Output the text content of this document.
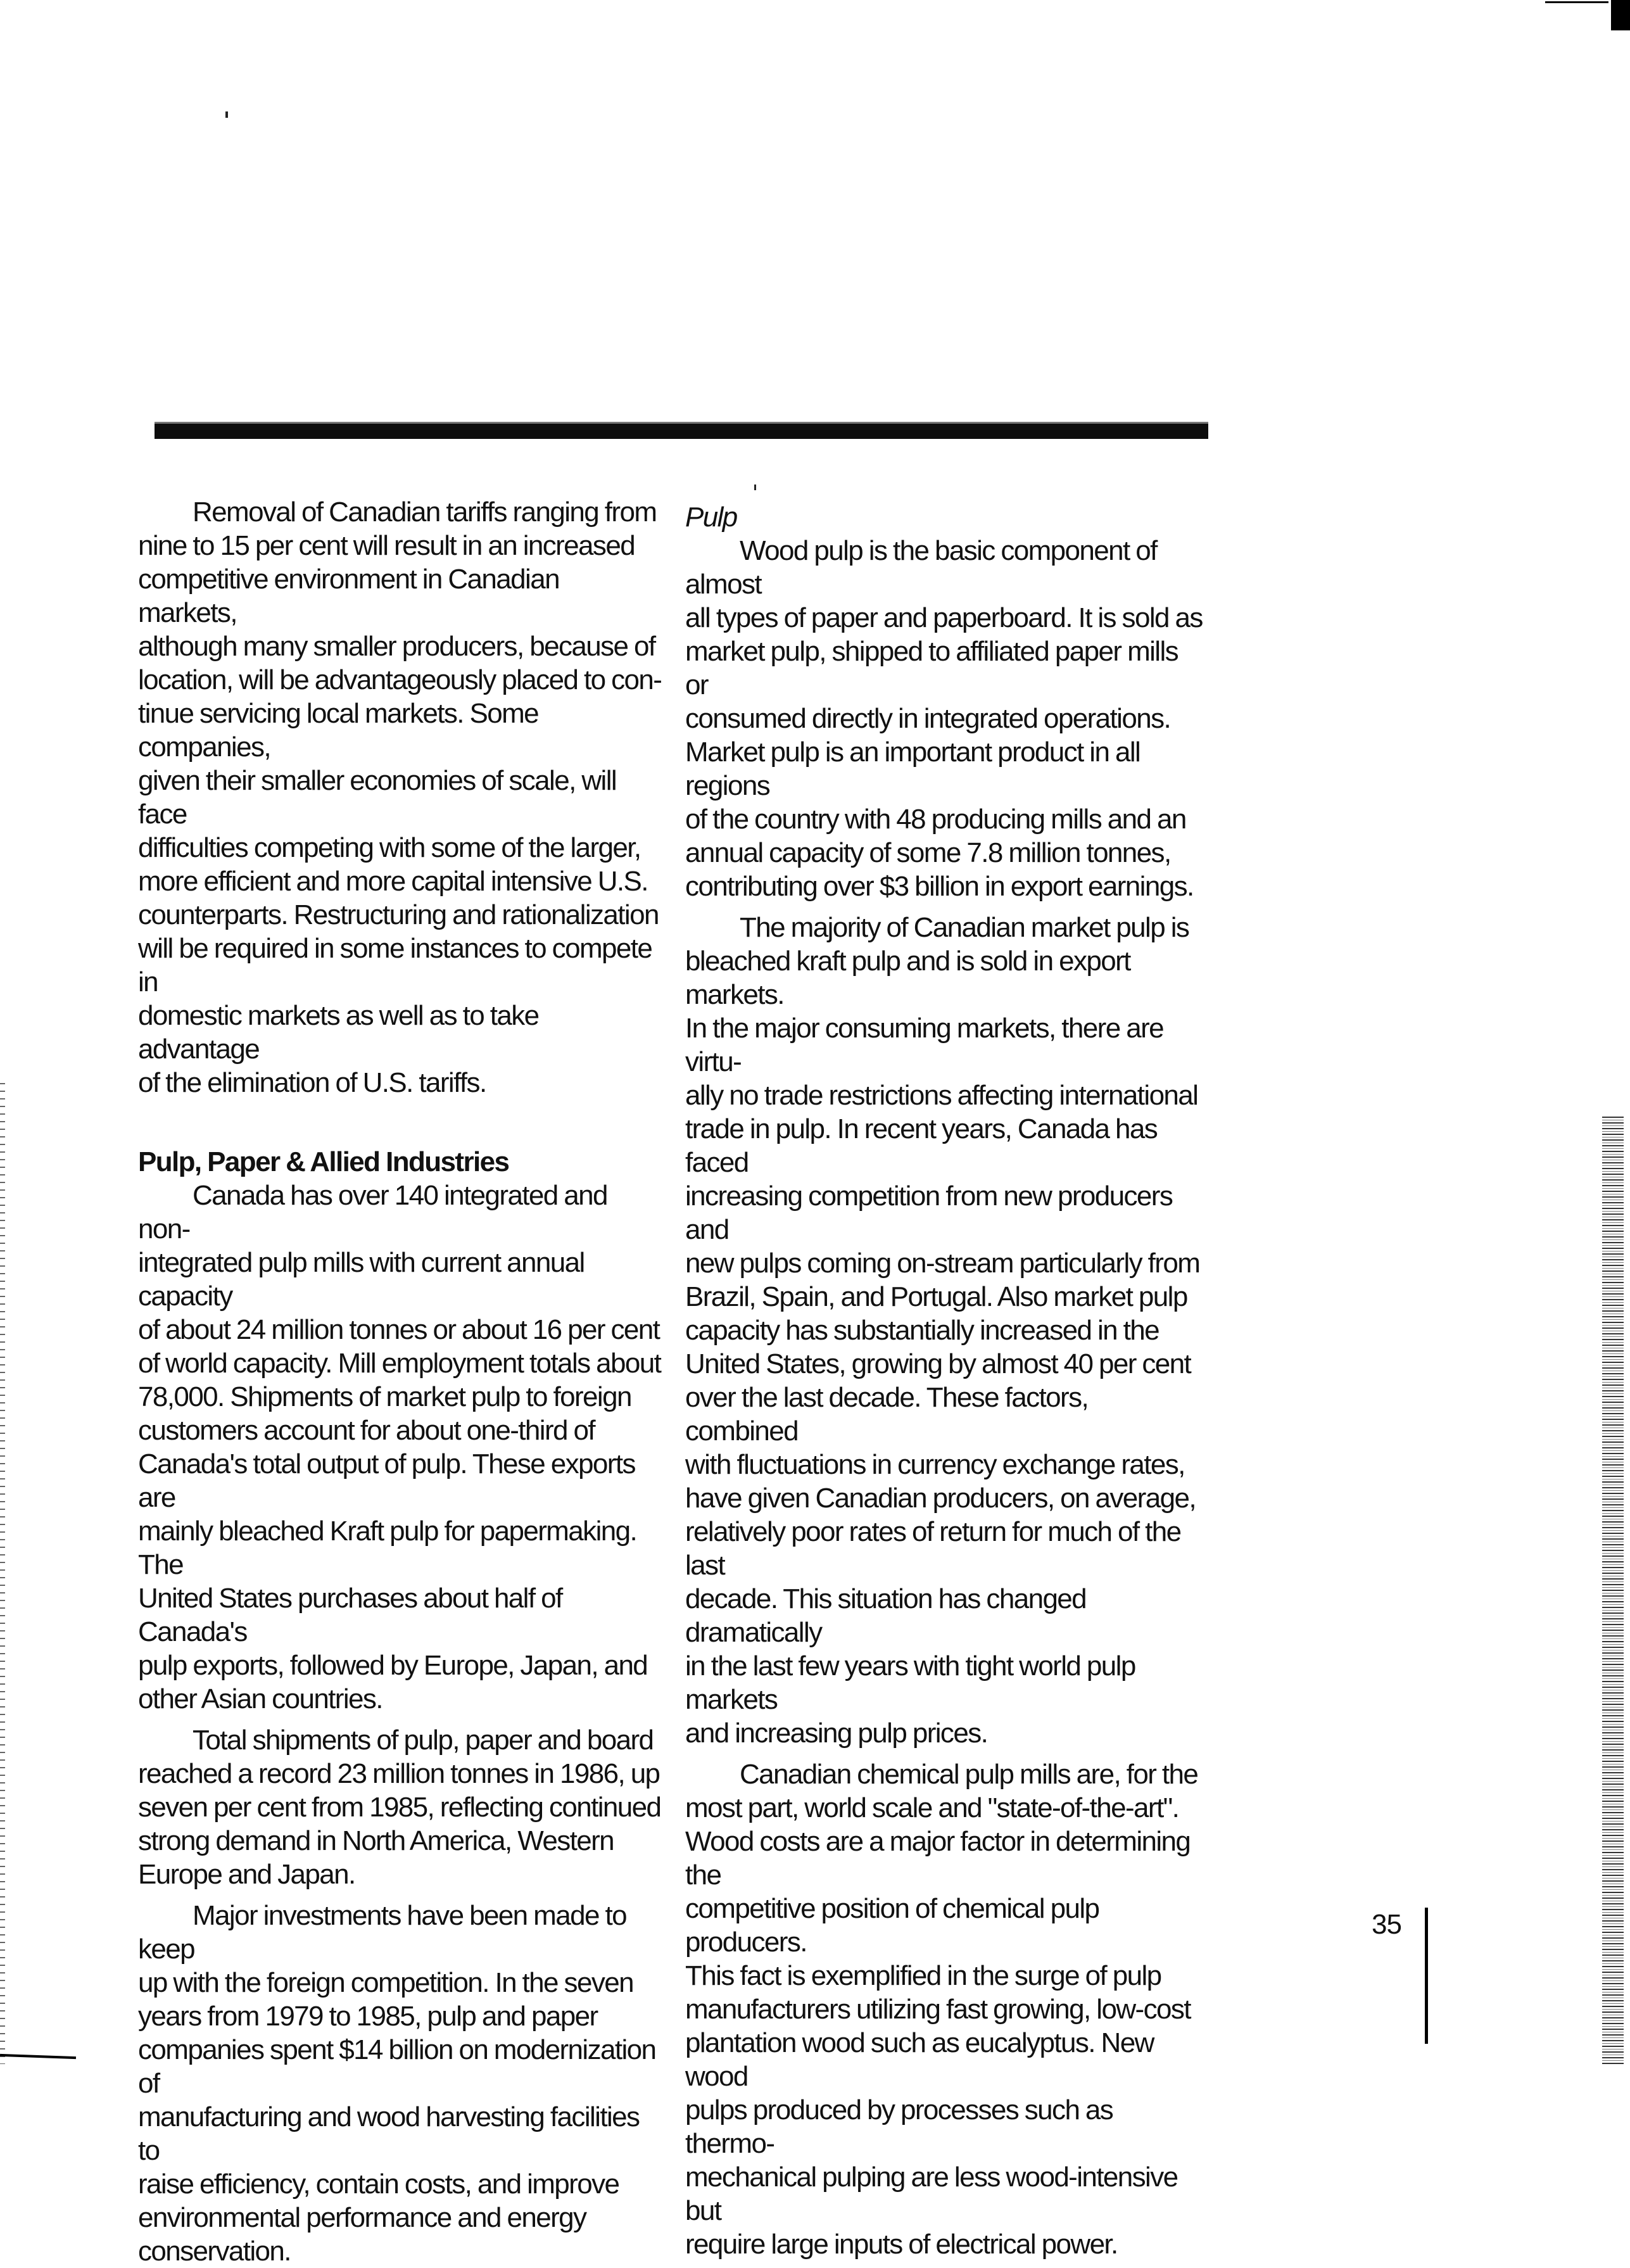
Removal of Canadian tariffs ranging from
nine to 15 per cent will result in an increased
competitive environment in Canadian markets,
although many smaller producers, because of
location, will be advantageously placed to con-
tinue servicing local markets. Some companies,
given their smaller economies of scale, will face
difficulties competing with some of the larger,
more efficient and more capital intensive U.S.
counterparts. Restructuring and rationalization
will be required in some instances to compete in
domestic markets as well as to take advantage
of the elimination of U.S. tariffs.

Pulp, Paper & Allied Industries

Canada has over 140 integrated and non-
integrated pulp mills with current annual capacity
of about 24 million tonnes or about 16 per cent
of world capacity. Mill employment totals about
78,000. Shipments of market pulp to foreign
customers account for about one-third of
Canada's total output of pulp. These exports are
mainly bleached Kraft pulp for papermaking. The
United States purchases about half of Canada's
pulp exports, followed by Europe, Japan, and
other Asian countries.

Total shipments of pulp, paper and board
reached a record 23 million tonnes in 1986, up
seven per cent from 1985, reflecting continued
strong demand in North America, Western
Europe and Japan.

Major investments have been made to keep
up with the foreign competition. In the seven
years from 1979 to 1985, pulp and paper
companies spent $14 billion on modernization of
manufacturing and wood harvesting facilities to
raise efficiency, contain costs, and improve
environmental performance and energy
conservation.

Pulp

Wood pulp is the basic component of almost
all types of paper and paperboard. It is sold as
market pulp, shipped to affiliated paper mills or
consumed directly in integrated operations.
Market pulp is an important product in all regions
of the country with 48 producing mills and an
annual capacity of some 7.8 million tonnes,
contributing over $3 billion in export earnings.

The majority of Canadian market pulp is
bleached kraft pulp and is sold in export markets.
In the major consuming markets, there are virtu-
ally no trade restrictions affecting international
trade in pulp. In recent years, Canada has faced
increasing competition from new producers and
new pulps coming on-stream particularly from
Brazil, Spain, and Portugal. Also market pulp
capacity has substantially increased in the
United States, growing by almost 40 per cent
over the last decade. These factors, combined
with fluctuations in currency exchange rates,
have given Canadian producers, on average,
relatively poor rates of return for much of the last
decade. This situation has changed dramatically
in the last few years with tight world pulp markets
and increasing pulp prices.

Canadian chemical pulp mills are, for the
most part, world scale and "state-of-the-art".
Wood costs are a major factor in determining the
competitive position of chemical pulp producers.
This fact is exemplified in the surge of pulp
manufacturers utilizing fast growing, low-cost
plantation wood such as eucalyptus. New wood
pulps produced by processes such as thermo-
mechanical pulping are less wood-intensive but
require large inputs of electrical power.

35
